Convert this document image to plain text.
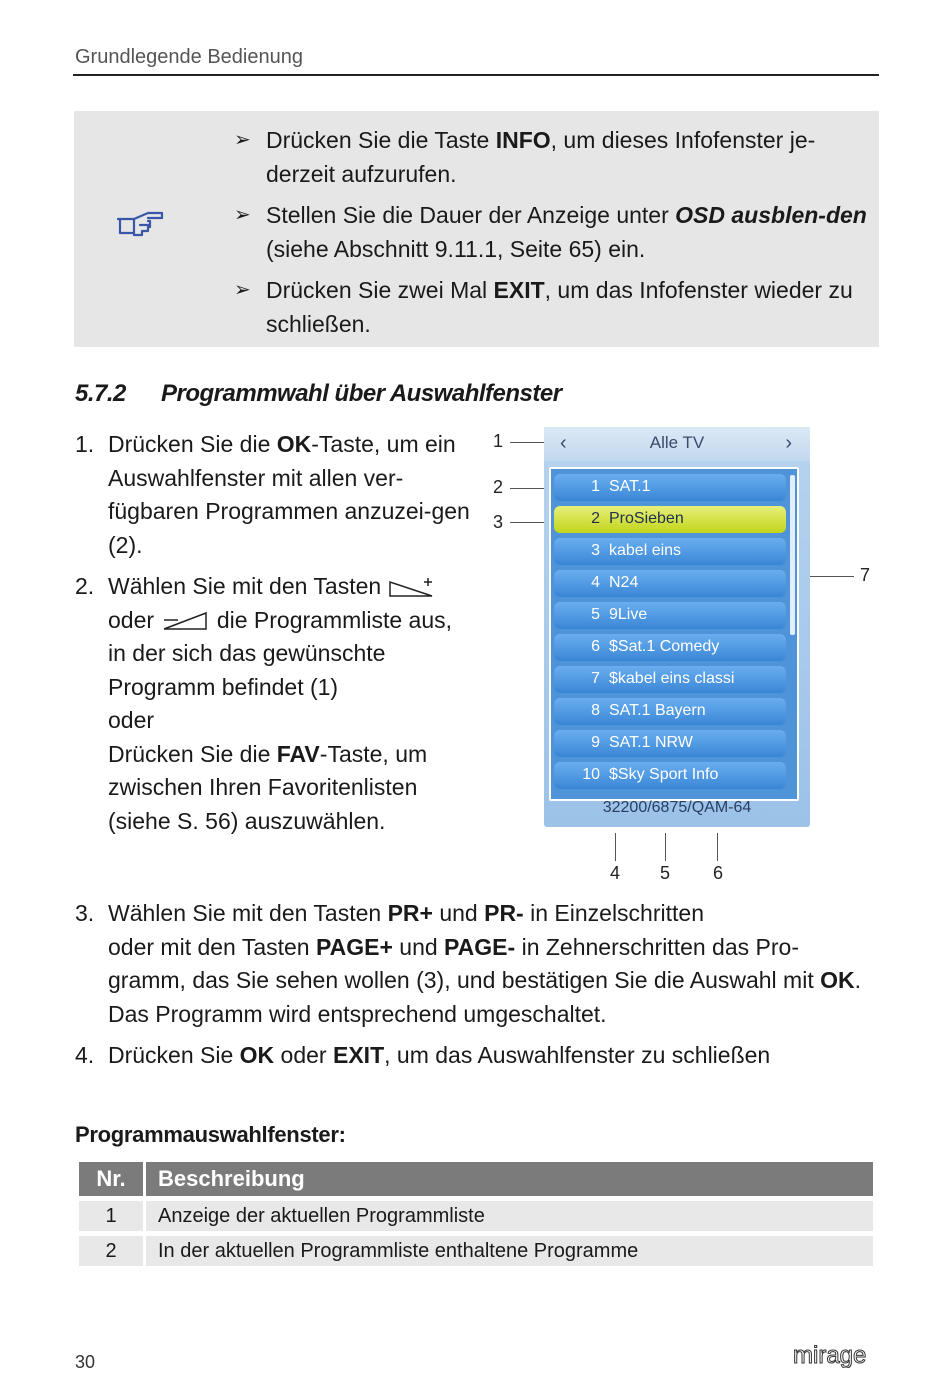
Grundlegende Bedienung
➢ Drücken Sie die Taste INFO, um dieses Infofenster je-derzeit aufzurufen.
➢ Stellen Sie die Dauer der Anzeige unter OSD ausblen-den (siehe Abschnitt 9.11.1, Seite 65) ein.
➢ Drücken Sie zwei Mal EXIT, um das Infofenster wieder zu schließen.
5.7.2 Programmwahl über Auswahlfenster
1. Drücken Sie die OK-Taste, um ein Auswahlfenster mit allen ver-fügbaren Programmen anzuzei-gen (2).
2. Wählen Sie mit den Tasten
oder	die Programmliste aus, in der sich das gewünschte Programm befindet (1)
oder
Drücken Sie die FAV-Taste, um zwischen Ihren Favoritenlisten (siehe S. 56) auszuwählen.
1
2
3
7
‹	Alle TV	›
1 SAT.1
2 ProSieben
3 kabel eins
4 N24
5 9Live
6 $Sat.1 Comedy
7 $kabel eins classi
8 SAT.1 Bayern
9 SAT.1 NRW
10 $Sky Sport Info
32200/6875/QAM-64
4 5 6
3. Wählen Sie mit den Tasten PR+ und PR- in Einzelschritten
oder mit den Tasten PAGE+ und PAGE- in Zehnerschritten das Pro-gramm, das Sie sehen wollen (3), und bestätigen Sie die Auswahl mit OK.
Das Programm wird entsprechend umgeschaltet.
4. Drücken Sie OK oder EXIT, um das Auswahlfenster zu schließen
Programmauswahlfenster:
Nr.	Beschreibung
1	Anzeige der aktuellen Programmliste
2	In der aktuellen Programmliste enthaltene Programme
30	mirage
